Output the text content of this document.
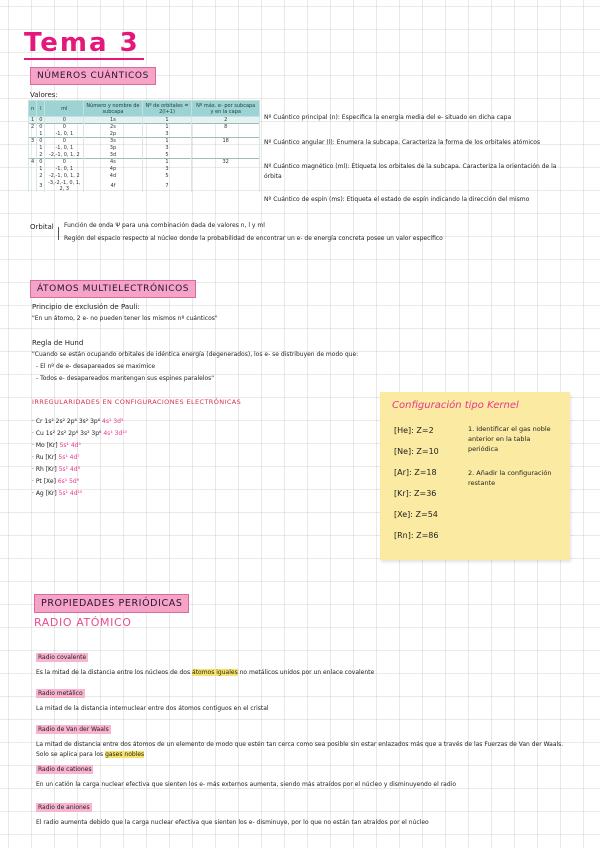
Tema 3
NÚMEROS CUÁNTICOS
Valores:
n	l	ml	Número y nombre de subcapa	Nº de orbitales = 2(l+1)	Nº máx. e- por subcapa y en la capa
1	0	0	1s	1	2
2	0	0	2s	1	8
	1	-1, 0, 1	2p	3	
3	0	0	3s	1	18
	1	-1, 0, 1	3p	3	
	2	-2,-1, 0, 1, 2	3d	5	
4	0	0	4s	1	32
	1	-1, 0, 1	4p	3	
	2	-2,-1, 0, 1, 2	4d	5	
	3	-3,-2,-1, 0, 1, 2, 3	4f	7	
Nº Cuántico principal (n): Especifica la energía media del e- situado en dicha capa
Nº Cuántico angular (l): Enumera la subcapa. Caracteriza la forma de los orbitales atómicos
Nº Cuántico magnético (ml): Etiqueta los orbitales de la subcapa. Caracteriza la orientación de la órbita
Nº Cuántico de espín (ms): Etiqueta el estado de espín indicando la dirección del mismo
Orbital Función de onda Ψ para una combinación dada de valores n, l y ml
Región del espacio respecto al núcleo donde la probabilidad de encontrar un e- de energía concreta posee un valor específico
ÁTOMOS MULTIELECTRÓNICOS
Principio de exclusión de Pauli:
"En un átomo, 2 e- no pueden tener los mismos nº cuánticos"
Regla de Hund
"Cuando se están ocupando orbitales de idéntica energía (degenerados), los e- se distribuyen de modo que:
- El nº de e- desapareados se maximice
- Todos e- desapareados mantengan sus espines paralelos"
IRREGULARIDADES EN CONFIGURACIONES ELECTRÓNICAS
· Cr 1s² 2s² 2p⁶ 3s² 3p⁶ 4s¹ 3d⁵
· Cu 1s² 2s² 2p⁶ 3s² 3p⁶ 4s¹ 3d¹⁰
· Mo [Kr] 5s¹ 4d⁵
· Ru [Kr] 5s¹ 4d⁷
· Rh [Kr] 5s¹ 4d⁸
· Pt [Xe] 6s¹ 5d⁹
· Ag [Kr] 5s¹ 4d¹⁰
Configuración tipo Kernel
[He]: Z=2
[Ne]: Z=10
[Ar]: Z=18
[Kr]: Z=36
[Xe]: Z=54
[Rn]: Z=86
1. Identificar el gas noble anterior en la tabla periódica
2. Añadir la configuración restante
PROPIEDADES PERIÓDICAS
RADIO ATÓMICO
Radio covalente
Es la mitad de la distancia entre los núcleos de dos átomos iguales no metálicos unidos por un enlace covalente
Radio metálico
La mitad de la distancia internuclear entre dos átomos contiguos en el cristal
Radio de Van der Waals
La mitad de distancia entre dos átomos de un elemento de modo que estén tan cerca como sea posible sin estar enlazados más que a través de las Fuerzas de Van der Waals. Solo se aplica para los gases nobles
Radio de cationes
En un catión la carga nuclear efectiva que sienten los e- más externos aumenta, siendo más atraídos por el núcleo y disminuyendo el radio
Radio de aniones
El radio aumenta debido que la carga nuclear efectiva que sienten los e- disminuye, por lo que no están tan atraídos por el núcleo
